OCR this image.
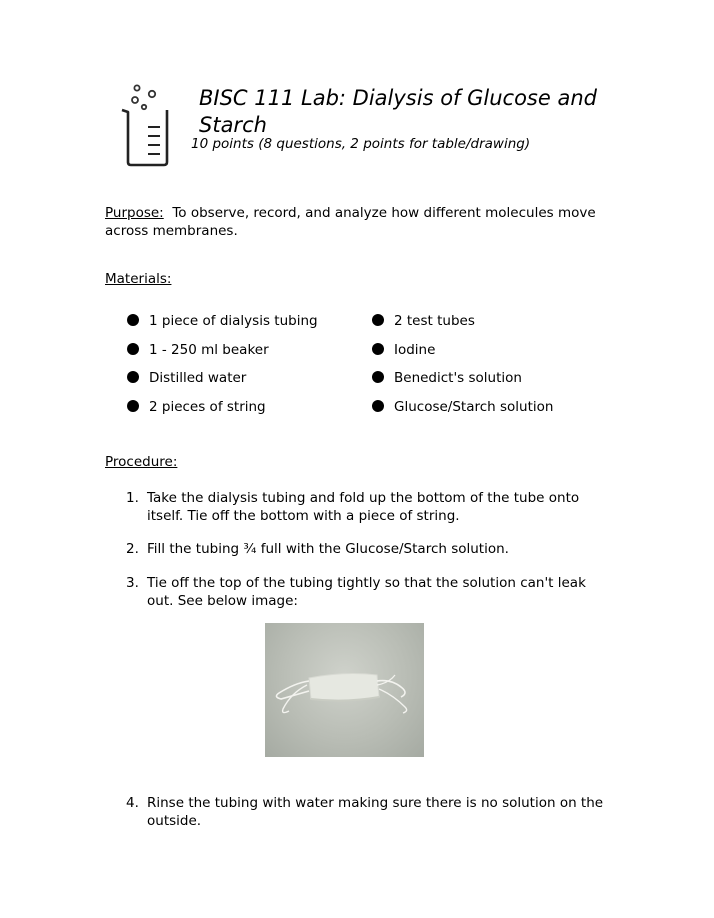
BISC 111 Lab: Dialysis of Glucose and Starch
10 points (8 questions, 2 points for table/drawing)
Purpose: To observe, record, and analyze how different molecules move across membranes.
Materials:
1 piece of dialysis tubing
1 - 250 ml beaker
Distilled water
2 pieces of string
2 test tubes
Iodine
Benedict's solution
Glucose/Starch solution
Procedure:
1. Take the dialysis tubing and fold up the bottom of the tube onto itself. Tie off the bottom with a piece of string.
2. Fill the tubing ¾ full with the Glucose/Starch solution.
3. Tie off the top of the tubing tightly so that the solution can't leak out. See below image:
4. Rinse the tubing with water making sure there is no solution on the outside.
